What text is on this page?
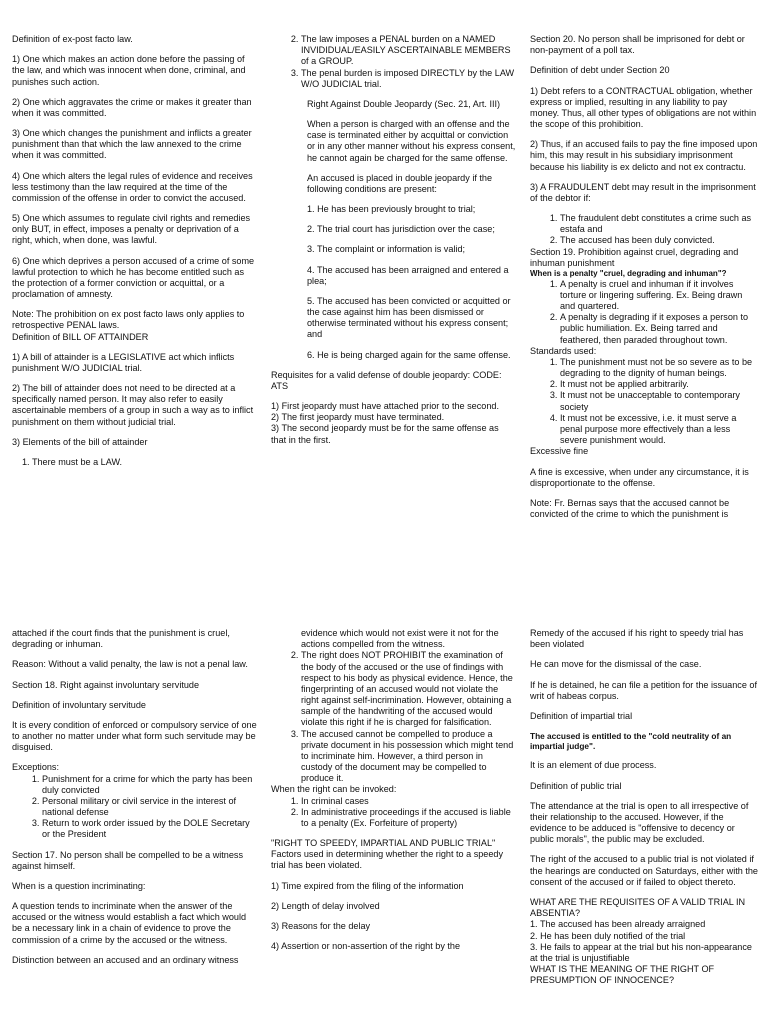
Definition of ex-post facto law.

1) One which makes an action done before the passing of the law, and which was innocent when done, criminal, and punishes such action.

2) One which aggravates the crime or makes it greater than when it was committed.

3) One which changes the punishment and inflicts a greater punishment than that which the law annexed to the crime when it was committed.

4) One which alters the legal rules of evidence and receives less testimony than the law required at the time of the commission of the offense in order to convict the accused.

5) One which assumes to regulate civil rights and remedies only BUT, in effect, imposes a penalty or deprivation of a right, which, when done, was lawful.

6) One which deprives a person accused of a crime of some lawful protection to which he has become entitled such as the protection of a former conviction or acquittal, or a proclamation of amnesty.

Note: The prohibition on ex post facto laws only applies to retrospective PENAL laws.

Definition of BILL OF ATTAINDER

1) A bill of attainder is a LEGISLATIVE act which inflicts punishment W/O JUDICIAL trial.

2) The bill of attainder does not need to be directed at a specifically named person. It may also refer to easily ascertainable members of a group in such a way as to inflict punishment on them without judicial trial.

3) Elements of the bill of attainder

1. There must be a LAW.

2. The law imposes a PENAL burden on a NAMED INVIDIDUAL/EASILY ASCERTAINABLE MEMBERS of a GROUP.
3. The penal burden is imposed DIRECTLY by the LAW W/O JUDICIAL trial.

Right Against Double Jeopardy (Sec. 21, Art. III)

When a person is charged with an offense and the case is terminated either by acquittal or conviction or in any other manner without his express consent, he cannot again be charged for the same offense.

An accused is placed in double jeopardy if the following conditions are present:

1. He has been previously brought to trial;

2. The trial court has jurisdiction over the case;

3. The complaint or information is valid;

4. The accused has been arraigned and entered a plea;

5. The accused has been convicted or acquitted or the case against him has been dismissed or otherwise terminated without his express consent; and

6. He is being charged again for the same offense.

Requisites for a valid defense of double jeopardy: CODE: ATS

1) First jeopardy must have attached prior to the second.

2) The first jeopardy must have terminated.

3) The second jeopardy must be for the same offense as that in the first.

Section 20. No person shall be imprisoned for debt or non-payment of a poll tax.

Definition of debt under Section 20

1) Debt refers to a CONTRACTUAL obligation, whether express or implied, resulting in any liability to pay money. Thus, all other types of obligations are not within the scope of this prohibition.

2) Thus, if an accused fails to pay the fine imposed upon him, this may result in his subsidiary imprisonment because his liability is ex delicto and not ex contractu.

3) A FRAUDULENT debt may result in the imprisonment of the debtor if:

1. The fraudulent debt constitutes a crime such as estafa and
2. The accused has been duly convicted.

Section 19. Prohibition against cruel, degrading and inhuman punishment

When is a penalty "cruel, degrading and inhuman"?

1. A penalty is cruel and inhuman if it involves torture or lingering suffering. Ex. Being drawn and quartered.
2. A penalty is degrading if it exposes a person to public humiliation. Ex. Being tarred and feathered, then paraded throughout town.

Standards used:

1. The punishment must not be so severe as to be degrading to the dignity of human beings.
2. It must not be applied arbitrarily.
3. It must not be unacceptable to contemporary society
4. It must not be excessive, i.e. it must serve a penal purpose more effectively than a less severe punishment would.

Excessive fine

A fine is excessive, when under any circumstance, it is disproportionate to the offense.

Note: Fr. Bernas says that the accused cannot be convicted of the crime to which the punishment is

attached if the court finds that the punishment is cruel, degrading or inhuman.

Reason: Without a valid penalty, the law is not a penal law.

Section 18. Right against involuntary servitude

Definition of involuntary servitude

It is every condition of enforced or compulsory service of one to another no matter under what form such servitude may be disguised.

Exceptions:

1. Punishment for a crime for which the party has been duly convicted
2. Personal military or civil service in the interest of national defense
3. Return to work order issued by the DOLE Secretary or the President

Section 17. No person shall be compelled to be a witness against himself.

When is a question incriminating:

A question tends to incriminate when the answer of the accused or the witness would establish a fact which would be a necessary link in a chain of evidence to prove the commission of a crime by the accused or the witness.

Distinction between an accused and an ordinary witness

evidence which would not exist were it not for the actions compelled from the witness.

2. The right does NOT PROHIBIT the examination of the body of the accused or the use of findings with respect to his body as physical evidence. Hence, the fingerprinting of an accused would not violate the right against self-incrimination. However, obtaining a sample of the handwriting of the accused would violate this right if he is charged for falsification.
3. The accused cannot be compelled to produce a private document in his possession which might tend to incriminate him. However, a third person in custody of the document may be compelled to produce it.

When the right can be invoked:

1. In criminal cases
2. In administrative proceedings if the accused is liable to a penalty (Ex. Forfeiture of property)

"RIGHT TO SPEEDY, IMPARTIAL AND PUBLIC TRIAL"

Factors used in determining whether the right to a speedy trial has been violated.

1) Time expired from the filing of the information

2) Length of delay involved

3) Reasons for the delay

4) Assertion or non-assertion of the right by the

Remedy of the accused if his right to speedy trial has been violated

He can move for the dismissal of the case.

If he is detained, he can file a petition for the issuance of writ of habeas corpus.

Definition of impartial trial

The accused is entitled to the "cold neutrality of an impartial judge".

It is an element of due process.

Definition of public trial

The attendance at the trial is open to all irrespective of their relationship to the accused. However, if the evidence to be adduced is "offensive to decency or public morals", the public may be excluded.

The right of the accused to a public trial is not violated if the hearings are conducted on Saturdays, either with the consent of the accused or if failed to object thereto.

WHAT ARE THE REQUISITES OF A VALID TRIAL IN ABSENTIA?

1. The accused has been already arraigned

2. He has been duly notified of the trial

3. He fails to appear at the trial but his non-appearance at the trial is unjustifiable

WHAT IS THE MEANING OF THE RIGHT OF PRESUMPTION OF INNOCENCE?
